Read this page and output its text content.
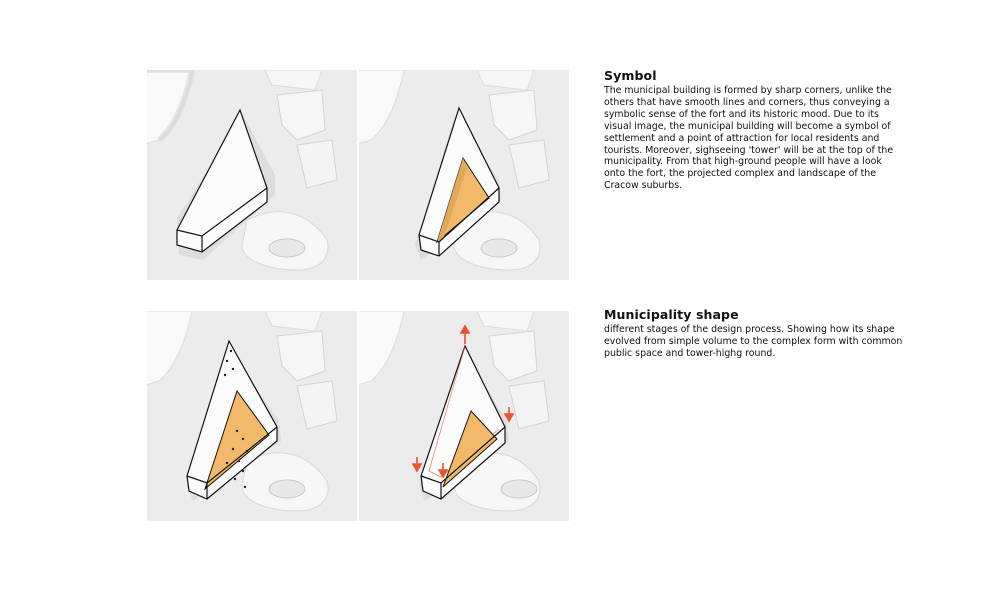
Symbol

The municipal building is formed by sharp corners, unlike the others that have smooth lines and corners, thus conveying a symbolic sense of the fort and its historic mood. Due to its visual image, the municipal building will become a symbol of settlement and a point of attraction for local residents and tourists. Moreover, sighseeing 'tower' will be at the top of the municipality. From that high-ground people will have a look onto the fort, the projected complex and landscape of the Cracow suburbs.

Municipality shape

different stages of the design process. Showing how its shape evolved from simple volume to the complex form with common public space and tower-highg round.
